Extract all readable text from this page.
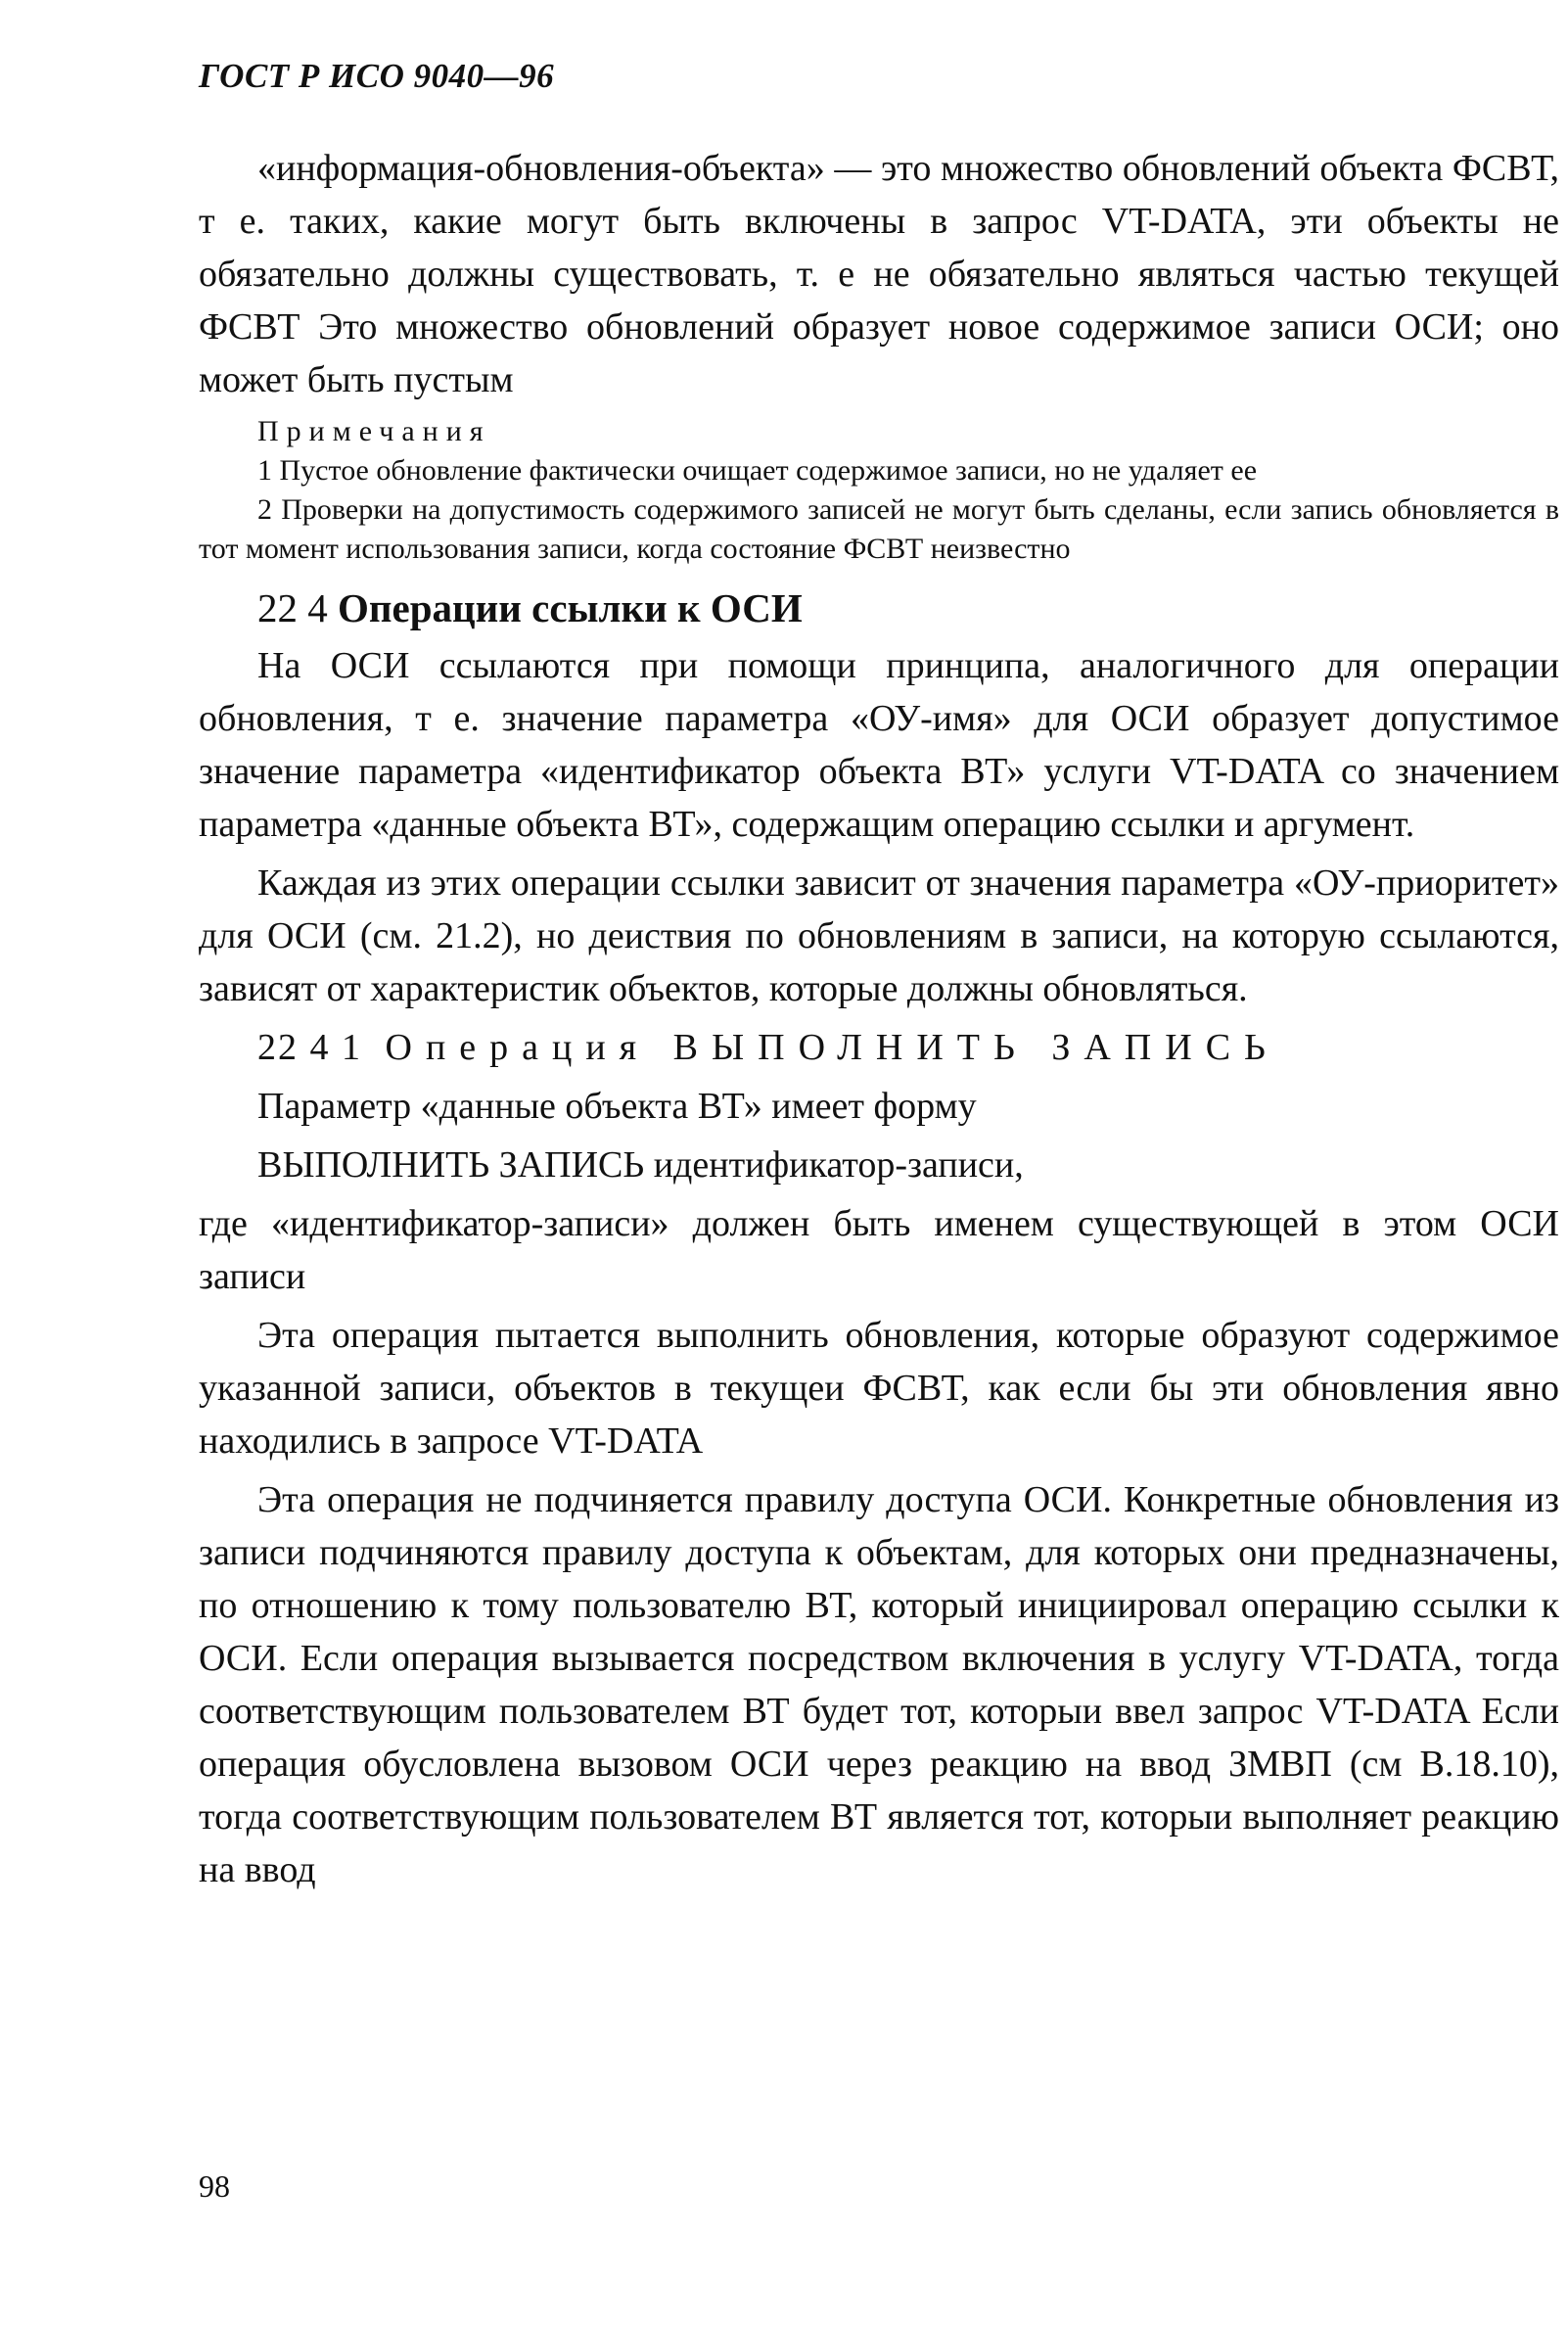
ГОСТ Р ИСО 9040—96

«информация-обновления-объекта» — это множество обновлений объекта ФСВТ, т е. таких, какие могут быть включены в запрос VT-DATA, эти объекты не обязательно должны существовать, т. е не обязательно являться частью текущей ФСВТ Это множество обновлений образует новое содержимое записи ОСИ; оно может быть пустым

Примечания

1 Пустое обновление фактически очищает содержимое записи, но не удаляет ее

2 Проверки на допустимость содержимого записей не могут быть сделаны, если запись обновляется в тот момент использования записи, когда состояние ФСВТ неизвестно

22 4 Операции ссылки к ОСИ

На ОСИ ссылаются при помощи принципа, аналогичного для операции обновления, т е. значение параметра «ОУ-имя» для ОСИ образует допустимое значение параметра «идентификатор объекта ВТ» услуги VT-DATA со значением параметра «данные объекта ВТ», содержащим операцию ссылки и аргумент.

Каждая из этих операции ссылки зависит от значения параметра «ОУ-приоритет» для ОСИ (см. 21.2), но деиствия по обновлениям в записи, на которую ссылаются, зависят от характеристик объектов, которые должны обновляться.

22 4 1 Операция ВЫПОЛНИТЬ ЗАПИСЬ

Параметр «данные объекта ВТ» имеет форму

ВЫПОЛНИТЬ ЗАПИСЬ идентификатор-записи,

где «идентификатор-записи» должен быть именем существующей в этом ОСИ записи

Эта операция пытается выполнить обновления, которые образуют содержимое указанной записи, объектов в текущеи ФСВТ, как если бы эти обновления явно находились в запросе VT-DATA

Эта операция не подчиняется правилу доступа ОСИ. Конкретные обновления из записи подчиняются правилу доступа к объектам, для которых они предназначены, по отношению к тому пользователю ВТ, который инициировал операцию ссылки к ОСИ. Если операция вызывается посредством включения в услугу VT-DATA, тогда соответствующим пользователем ВТ будет тот, которыи ввел запрос VT-DATA Если операция обусловлена вызовом ОСИ через реакцию на ввод ЗМВП (см В.18.10), тогда соответствующим пользователем ВТ является тот, которыи выполняет реакцию на ввод

98
